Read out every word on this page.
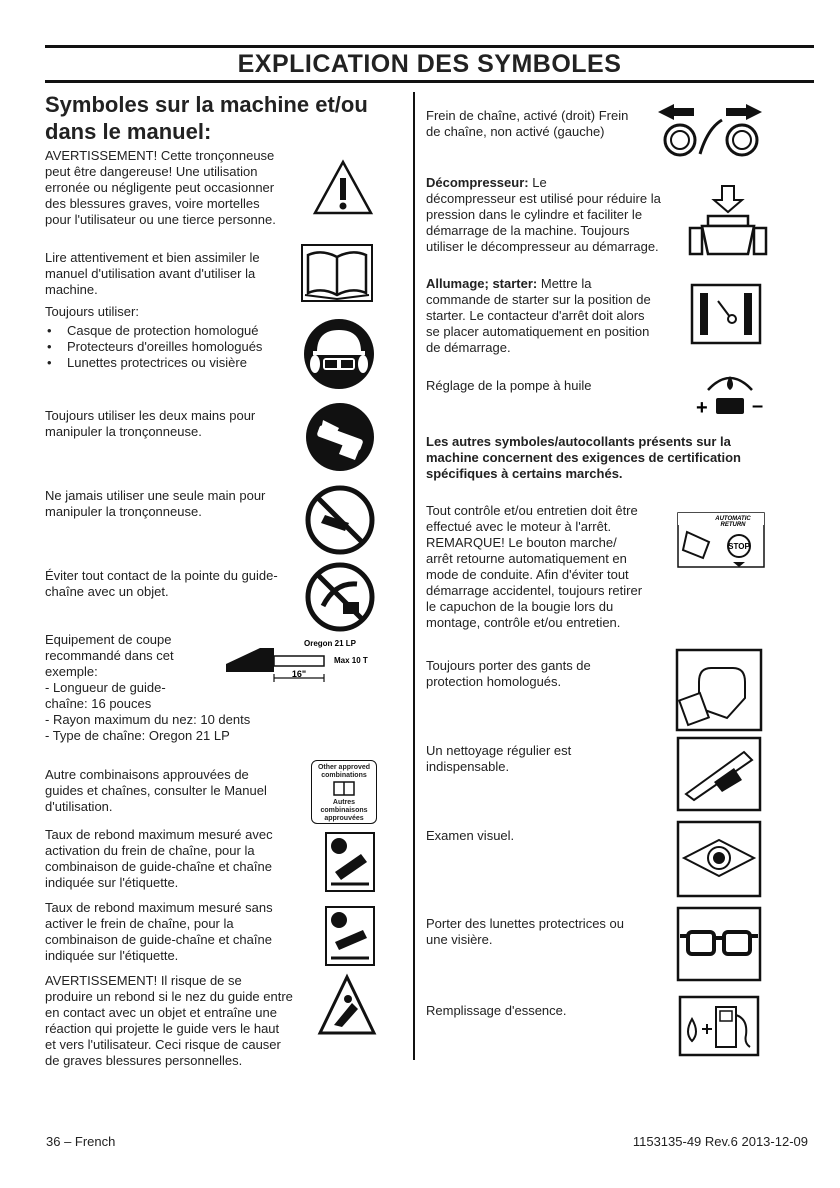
EXPLICATION DES SYMBOLES
Symboles sur la machine et/ou
dans le manuel:
AVERTISSEMENT! Cette tronçonneuse
peut être dangereuse! Une utilisation
erronée ou négligente peut occasionner
des blessures graves, voire mortelles
pour l'utilisateur ou une tierce personne.
Lire attentivement et bien assimiler le
manuel d'utilisation avant d'utiliser la
machine.
Toujours utiliser:
• Casque de protection homologué
• Protecteurs d'oreilles homologués
• Lunettes protectrices ou visière
Toujours utiliser les deux mains pour
manipuler la tronçonneuse.
Ne jamais utiliser une seule main pour
manipuler la tronçonneuse.
Éviter tout contact de la pointe du guide-
chaîne avec un objet.
Equipement de coupe
recommandé dans cet
exemple:
- Longueur de guide-
chaîne: 16 pouces
- Rayon maximum du nez: 10 dents
- Type de chaîne: Oregon 21 LP
16"
Oregon 21 LP
Max 10 T
Autre combinaisons approuvées de
guides et chaînes, consulter le Manuel
d'utilisation.
Other approved
combinations
Autres combinaisons
approuvées
Taux de rebond maximum mesuré avec
activation du frein de chaîne, pour la
combinaison de guide-chaîne et chaîne
indiquée sur l'étiquette.
Taux de rebond maximum mesuré sans
activer le frein de chaîne, pour la
combinaison de guide-chaîne et chaîne
indiquée sur l'étiquette.
AVERTISSEMENT! Il risque de se
produire un rebond si le nez du guide entre
en contact avec un objet et entraîne une
réaction qui projette le guide vers le haut
et vers l'utilisateur. Ceci risque de causer
de graves blessures personnelles.
Frein de chaîne, activé (droit) Frein
de chaîne, non activé (gauche)
Décompresseur: Le
décompresseur est utilisé pour réduire la
pression dans le cylindre et faciliter le
démarrage de la machine. Toujours
utiliser le décompresseur au démarrage.
Allumage; starter: Mettre la
commande de starter sur la position de
starter. Le contacteur d'arrêt doit alors
se placer automatiquement en position
de démarrage.
Réglage de la pompe à huile
+ –
Les autres symboles/autocollants présents sur la
machine concernent des exigences de certification
spécifiques à certains marchés.
Tout contrôle et/ou entretien doit être
effectué avec le moteur à l'arrêt.
REMARQUE! Le bouton marche/
arrêt retourne automatiquement en
mode de conduite. Afin d'éviter tout
démarrage accidentel, toujours retirer
le capuchon de la bougie lors du
montage, contrôle et/ou entretien.
AUTOMATIC
RETURN
STOP
Toujours porter des gants de
protection homologués.
Un nettoyage régulier est
indispensable.
Examen visuel.
Porter des lunettes protectrices ou
une visière.
Remplissage d'essence.
36 – French	1153135-49 Rev.6 2013-12-09
